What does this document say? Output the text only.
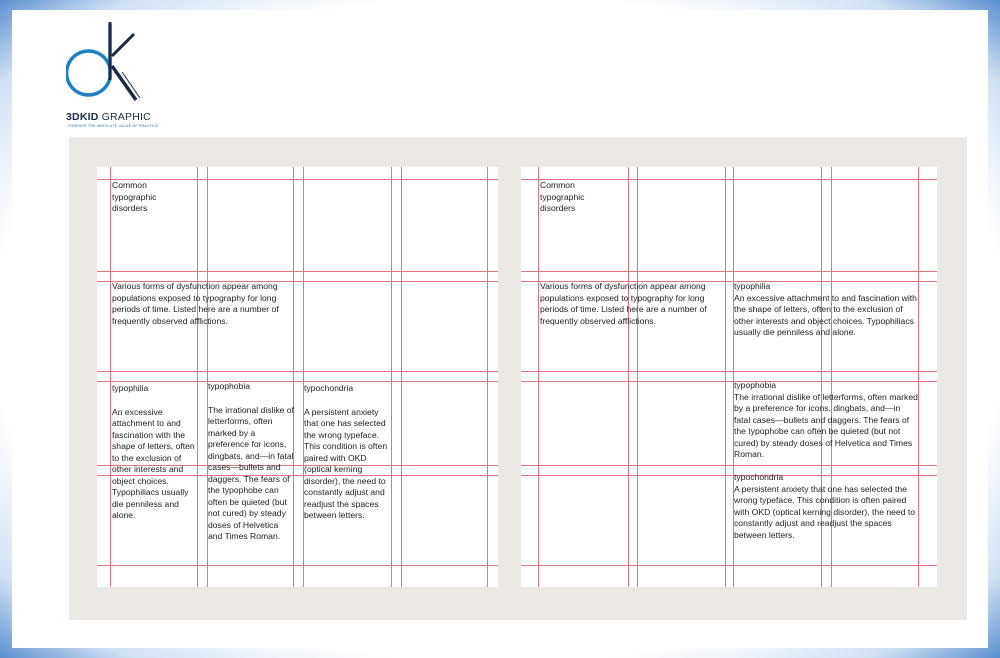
3DKID GRAPHIC
FOREVER THE ABSOLUTE VALUE OF PRACTICE
Common typographic disorders
Various forms of dysfunction appear among populations exposed to typography for long periods of time. Listed here are a number of frequently observed afflictions.
typophilia
An excessive attachment to and fascination with the shape of letters, often to the exclusion of other interests and object choices. Typophiliacs usually die penniless and alone.
typophobia
The irrational dislike of letterforms, often marked by a preference for icons, dingbats, and—in fatal cases—bullets and daggers. The fears of the typophobe can often be quieted (but not cured) by steady doses of Helvetica and Times Roman.
typochondria
A persistent anxiety that one has selected the wrong typeface. This condition is often paired with OKD (optical kerning disorder), the need to constantly adjust and readjust the spaces between letters.
Common typographic disorders
Various forms of dysfunction appear among populations exposed to typography for long periods of time. Listed here are a number of frequently observed afflictions.
typophilia
An excessive attachment to and fascination with the shape of letters, often to the exclusion of other interests and object choices. Typophiliacs usually die penniless and alone.
typophobia
The irrational dislike of letterforms, often marked by a preference for icons, dingbats, and—in fatal cases—bullets and daggers. The fears of the typophobe can often be quieted (but not cured) by steady doses of Helvetica and Times Roman.
typochondria
A persistent anxiety that one has selected the wrong typeface. This condition is often paired with OKD (optical kerning disorder), the need to constantly adjust and readjust the spaces between letters.
